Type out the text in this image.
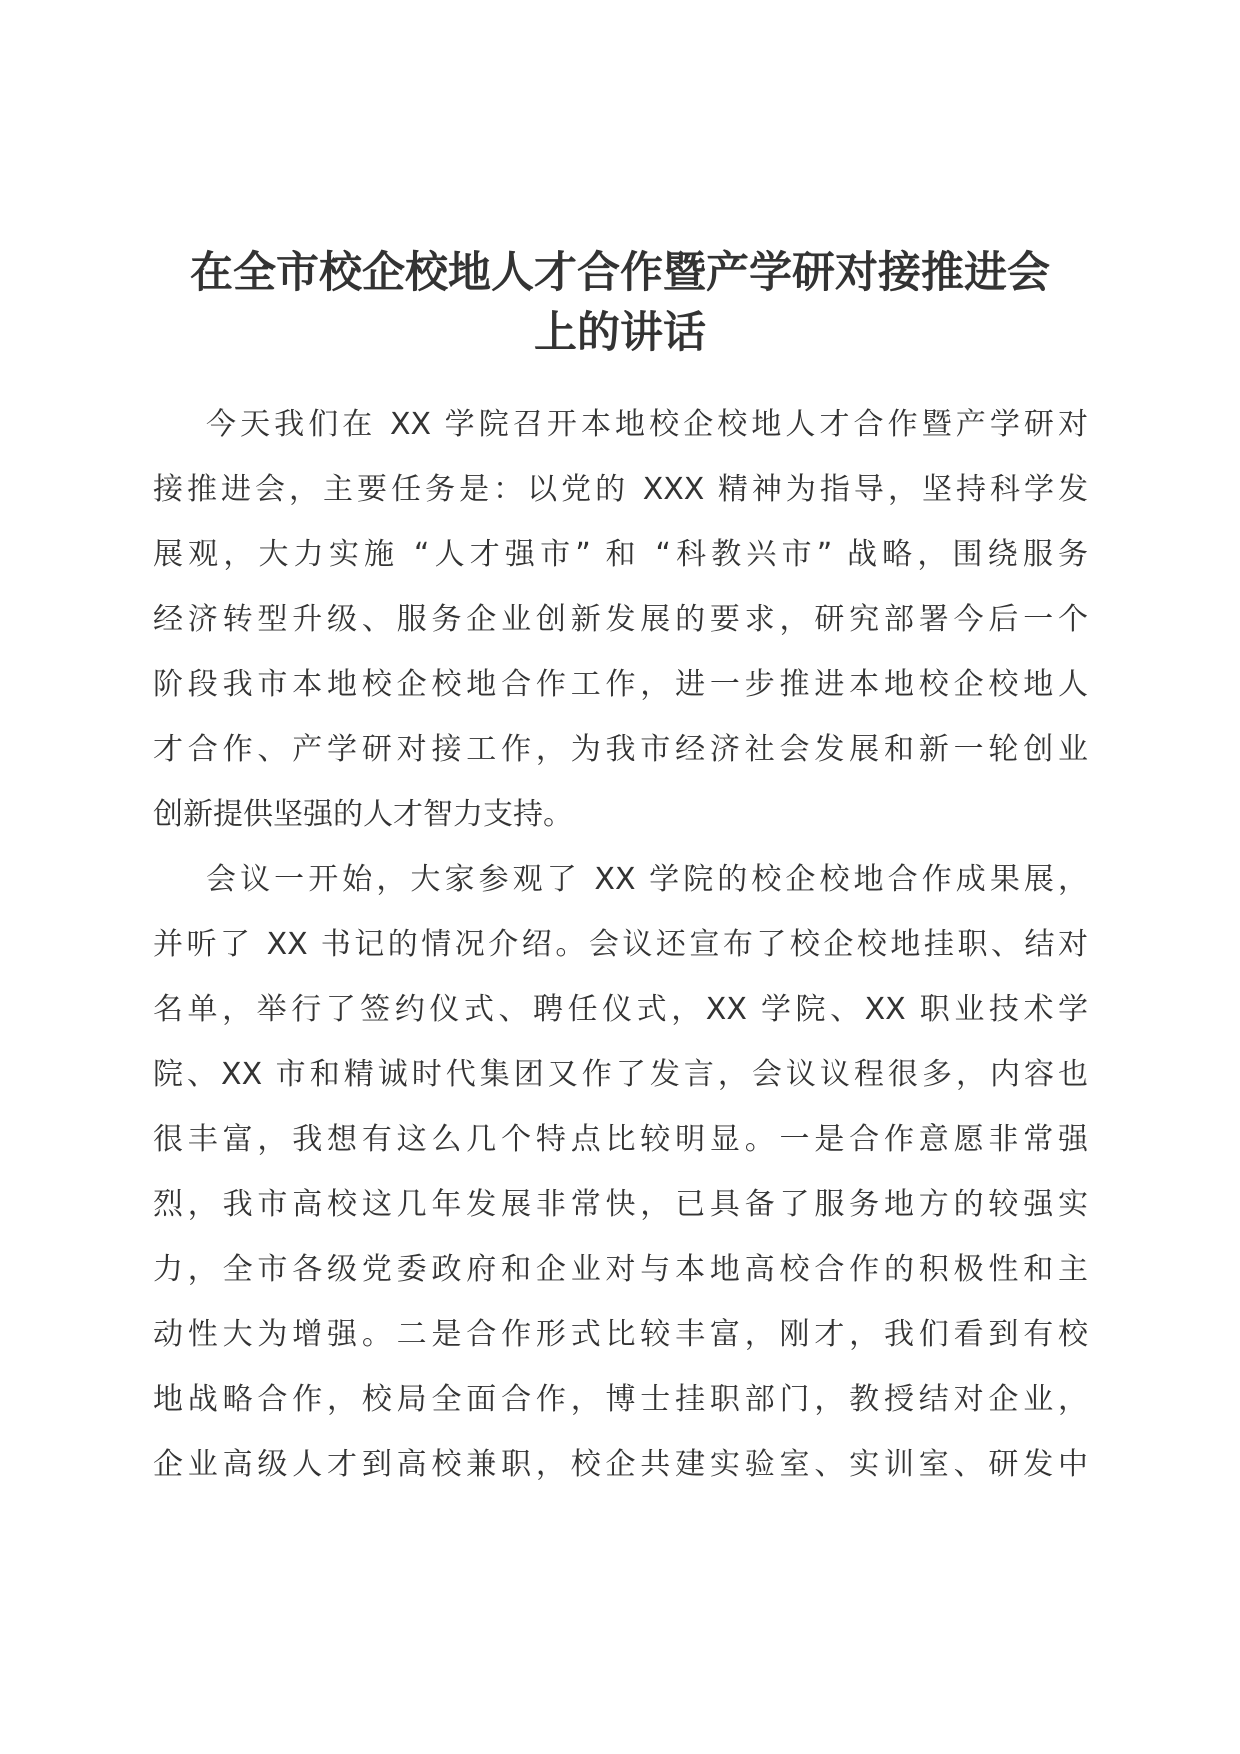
在全市校企校地人才合作暨产学研对接推进会
上的讲话
今天我们在 XX 学院召开本地校企校地人才合作暨产学研对
接推进会，主要任务是：以党的 XXX 精神为指导，坚持科学发
展观，大力实施 “人才强市” 和 “科教兴市” 战略，围绕服务
经济转型升级、服务企业创新发展的要求，研究部署今后一个
阶段我市本地校企校地合作工作，进一步推进本地校企校地人
才合作、产学研对接工作，为我市经济社会发展和新一轮创业
创新提供坚强的人才智力支持。
会议一开始，大家参观了 XX 学院的校企校地合作成果展，
并听了 XX 书记的情况介绍。会议还宣布了校企校地挂职、结对
名单，举行了签约仪式、聘任仪式，XX 学院、XX 职业技术学
院、XX 市和精诚时代集团又作了发言，会议议程很多，内容也
很丰富，我想有这么几个特点比较明显。一是合作意愿非常强
烈，我市高校这几年发展非常快，已具备了服务地方的较强实
力，全市各级党委政府和企业对与本地高校合作的积极性和主
动性大为增强。二是合作形式比较丰富，刚才，我们看到有校
地战略合作，校局全面合作，博士挂职部门，教授结对企业，
企业高级人才到高校兼职，校企共建实验室、实训室、研发中
